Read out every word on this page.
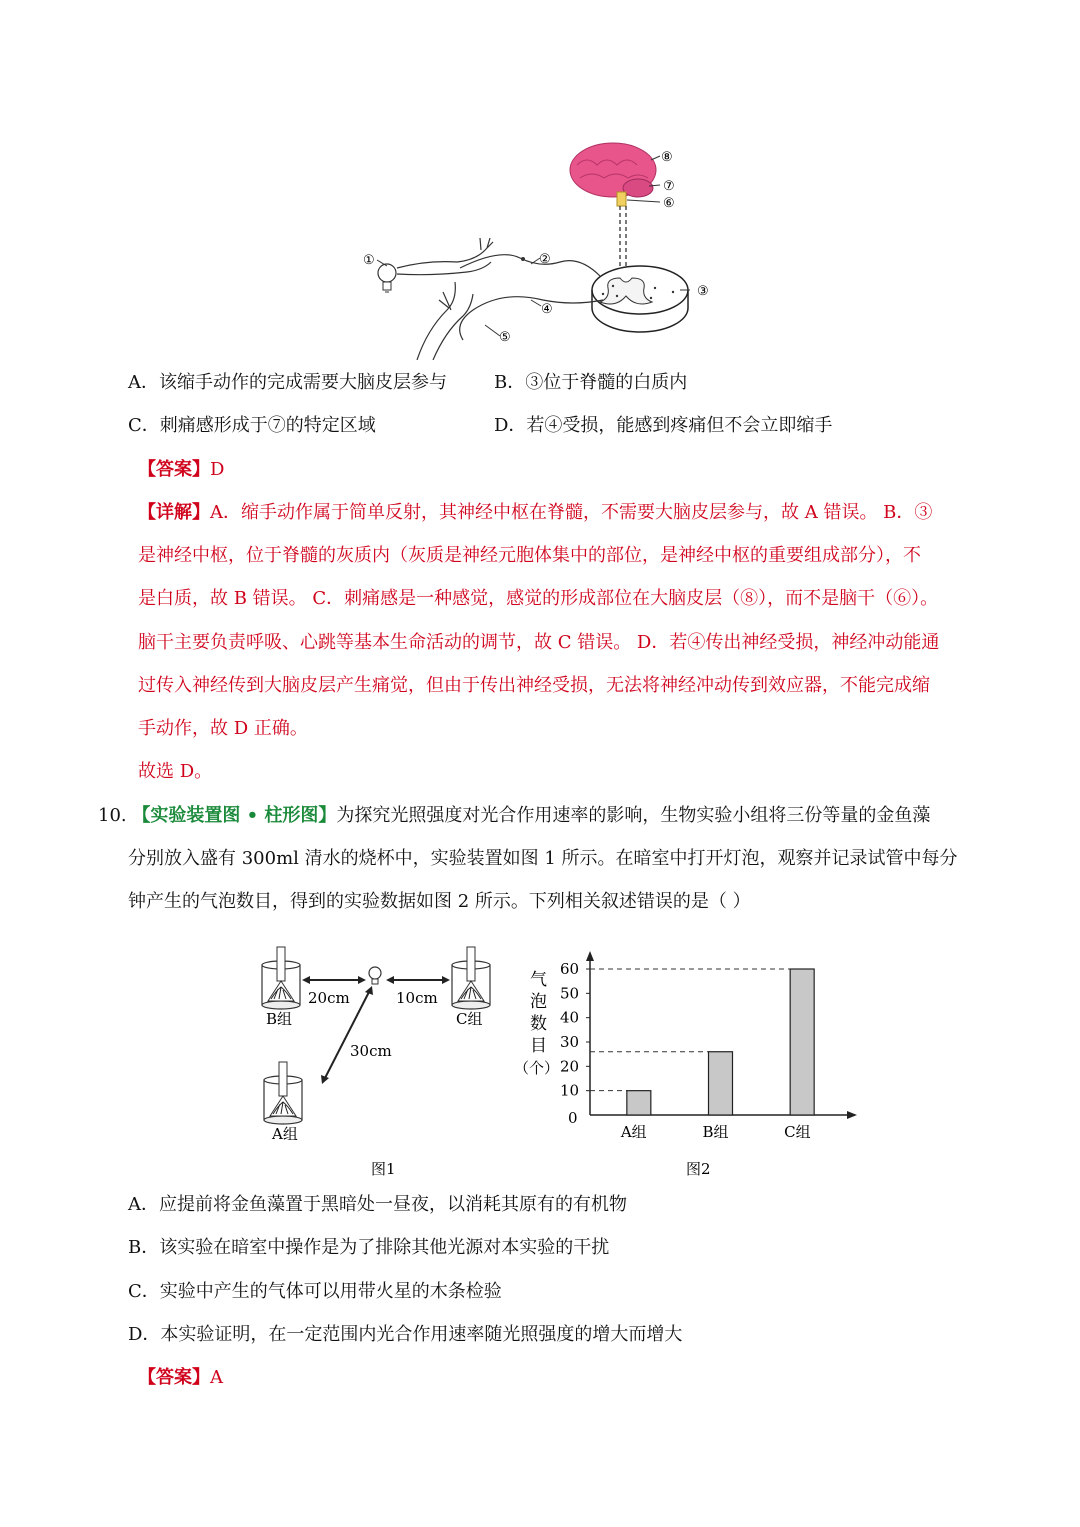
①	②
③
④
⑤
⑥
⑦
⑧
A．该缩手动作的完成需要大脑皮层参与	B．③位于脊髓的白质内
C．刺痛感形成于⑦的特定区域	D．若④受损，能感到疼痛但不会立即缩手
【答案】D
【详解】A．缩手动作属于简单反射，其神经中枢在脊髓，不需要大脑皮层参与，故 A 错误。 B．③
是神经中枢，位于脊髓的灰质内（灰质是神经元胞体集中的部位，是神经中枢的重要组成部分），不
是白质，故 B 错误。 C．刺痛感是一种感觉，感觉的形成部位在大脑皮层（⑧），而不是脑干（⑥）。
脑干主要负责呼吸、心跳等基本生命活动的调节，故 C 错误。 D．若④传出神经受损，神经冲动能通
过传入神经传到大脑皮层产生痛觉，但由于传出神经受损，无法将神经冲动传到效应器，不能完成缩
手动作，故 D 正确。
故选 D。
10. 【实验装置图 • 柱形图】为探究光照强度对光合作用速率的影响，生物实验小组将三份等量的金鱼藻
分别放入盛有 300ml 清水的烧杯中，实验装置如图 1 所示。在暗室中打开灯泡，观察并记录试管中每分
钟产生的气泡数目，得到的实验数据如图 2 所示。下列相关叙述错误的是（ ）
20cm	10cm
30cm
B组	C组
A组
图1
气
泡
数
目
（个）
图2
0
10
20
30
40
50
60
A组	B组	C组
A．应提前将金鱼藻置于黑暗处一昼夜，以消耗其原有的有机物
B．该实验在暗室中操作是为了排除其他光源对本实验的干扰
C．实验中产生的气体可以用带火星的木条检验
D．本实验证明，在一定范围内光合作用速率随光照强度的增大而增大
【答案】A
